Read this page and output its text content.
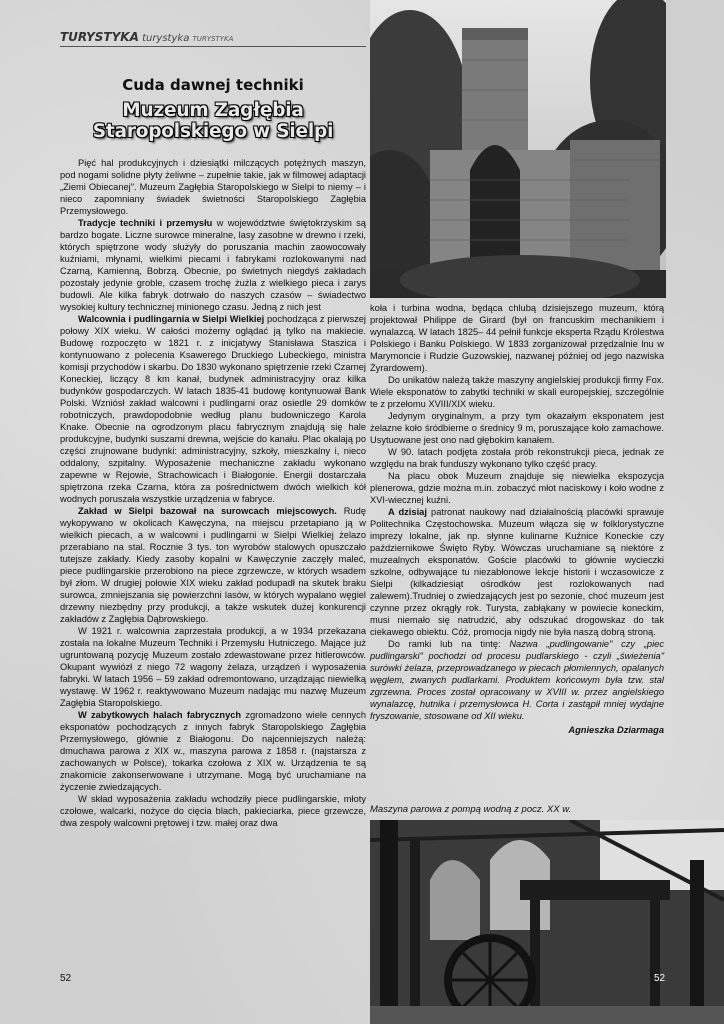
TURYSTYKA turystyka TURYSTYKA
Cuda dawnej techniki
Muzeum Zagłębia
Staropolskiego w Sielpi

Pięć hal produkcyjnych i dziesiątki milczących potężnych maszyn, pod nogami solidne płyty żeliwne – zupełnie takie, jak w filmowej adaptacji „Ziemi Obiecanej". Muzeum Zagłębia Staropolskiego w Sielpi to niemy – i nieco zapomniany świadek świetności Staropolskiego Zagłębia Przemysłowego.

Tradycje techniki i przemysłu w województwie świętokrzyskim są bardzo bogate. Liczne surowce mineralne, lasy zasobne w drewno i rzeki, których spiętrzone wody służyły do poruszania machin zaowocowały kuźniami, młynami, wielkimi piecami i fabrykami rozlokowanymi nad Czarną, Kamienną, Bobrzą. Obecnie, po świetnych niegdyś zakładach pozostały jedynie groble, czasem trochę żużla z wielkiego pieca i zarys budowli. Ale kilka fabryk dotrwało do naszych czasów – świadectwo wysokiej kultury technicznej minionego czasu. Jedną z nich jest

Walcownia i pudlingarnia w Sielpi Wielkiej pochodząca z pierwszej połowy XIX wieku. W całości możemy oglądać ją tylko na makiecie. Budowę rozpoczęto w 1821 r. z inicjatywy Stanisława Staszica i kontynuowano z polecenia Ksawerego Druckiego Lubeckiego, ministra komisji przychodów i skarbu. Do 1830 wykonano spiętrzenie rzeki Czarnej Koneckiej, liczący 8 km kanał, budynek administracyjny oraz kilka budynków gospodarczych. W latach 1835-41 budowę kontynuował Bank Polski. Wzniósł zakład walcowni i pudlingarni oraz osiedle 29 domków robotniczych, prawdopodobnie według planu budowniczego Karola Knake. Obecnie na ogrodzonym placu fabrycznym znajdują się hale produkcyjne, budynki suszarni drewna, wejście do kanału. Plac okalają po części zrujnowane budynki: administracyjny, szkoły, mieszkalny i, nieco oddalony, szpitalny. Wyposażenie mechaniczne zakładu wykonano zapewne w Rejowie, Strachowicach i Białogonie. Energii dostarczała spiętrzona rzeka Czarna, która za pośrednictwem dwóch wielkich kół wodnych poruszała wszystkie urządzenia w fabryce.

Zakład w Sielpi bazował na surowcach miejscowych. Rudę wykopywano w okolicach Kawęczyna, na miejscu przetapiano ją w wielkich piecach, a w walcowni i pudlingarni w Sielpi Wielkiej żelazo przerabiano na stal. Rocznie 3 tys. ton wyrobów stalowych opuszczało tutejsze zakłady. Kiedy zasoby kopalni w Kawęczynie zaczęły maleć, piece pudlingarskie przerobiono na piece zgrzewcze, w których wsadem był złom. W drugiej połowie XIX wieku zakład podupadł na skutek braku surowca, zmniejszania się powierzchni lasów, w których wypalano węgiel drzewny niezbędny przy produkcji, a także wskutek dużej konkurencji zakładów z Zagłębia Dąbrowskiego.

W 1921 r. walcownia zaprzestała produkcji, a w 1934 przekazana została na lokalne Muzeum Techniki i Przemysłu Hutniczego. Mające już ugruntowaną pozycję Muzeum zostało zdewastowane przez hitlerowców. Okupant wywiózł z niego 72 wagony żelaza, urządzeń i wyposażenia fabryki. W latach 1956 – 59 zakład odremontowano, urządzając niewielką wystawę. W 1962 r. reaktywowano Muzeum nadając mu nazwę Muzeum Zagłębia Staropolskiego.

W zabytkowych halach fabrycznych zgromadzono wiele cennych eksponatów pochodzących z innych fabryk Staropolskiego Zagłębia Przemysłowego, głównie z Białogonu. Do najcenniejszych należą: dmuchawa parowa z XIX w., maszyna parowa z 1858 r. (najstarsza z zachowanych w Polsce), tokarka czołowa z XIX w. Urządzenia te są znakomicie zakonserwowane i utrzymane. Mogą być uruchamiane na życzenie zwiedzających.

W skład wyposażenia zakładu wchodziły piece pudlingarskie, młoty czołowe, walcarki, nożyce do cięcia blach, pakieciarka, piece grzewcze, dwa zespoły walcowni prętowej i tzw. małej oraz dwa

koła i turbina wodna, będąca chlubą dzisiejszego muzeum, którą projektował Philippe de Girard (był on francuskim mechanikiem i wynalazcą. W latach 1825– 44 pełnił funkcje eksperta Rządu Królestwa Polskiego i Banku Polskiego. W 1833 zorganizował przędzalnie lnu w Marymoncie i Rudzie Guzowskiej, nazwanej później od jego nazwiska Żyrardowem).

Do unikatów należą także maszyny angielskiej produkcji firmy Fox. Wiele eksponatów to zabytki techniki w skali europejskiej, szczególnie te z przełomu XVIII/XIX wieku.

Jedynym oryginalnym, a przy tym okazałym eksponatem jest żelazne koło śródbierne o średnicy 9 m, poruszające koło zamachowe. Usytuowane jest ono nad głębokim kanałem.

W 90. latach podjęta została prób rekonstrukcji pieca, jednak ze względu na brak funduszy wykonano tylko część pracy.

Na placu obok Muzeum znajduje się niewielka ekspozycja plenerowa, gdzie można m.in. zobaczyć młot naciskowy i koło wodne z XVI-wiecznej kuźni.

A dzisiaj patronat naukowy nad działalnością placówki sprawuje Politechnika Częstochowska. Muzeum włącza się w folklorystyczne imprezy lokalne, jak np. słynne kulinarne Kuźnice Koneckie czy październikowe Święto Ryby. Wówczas uruchamiane są niektóre z muzealnych eksponatów. Goście placówki to głównie wycieczki szkolne, odbywające tu niezabłonowe lekcje historii i wczasowicze z Sielpi (kilkadziesiąt ośrodków jest rozlokowanych nad zalewem).Trudniej o zwiedzających jest po sezonie, choć muzeum jest czynne przez okrągły rok. Turysta, zabłąkany w powiecie koneckim, musi niemało się natrudzić, aby odszukać drogowskaz do tak ciekawego obiektu. Cóż, promocja nigdy nie była naszą dobrą stroną.

Do ramki lub na tintę: Nazwa „pudlingowanie" czy „piec pudlingarski" pochodzi od procesu pudlarskiego - czyli „świeżenia" surówki żelaza, przeprowadzanego w piecach płomiennych, opalanych węglem, zwanych pudlarkami. Produktem końcowym była tzw. stal zgrzewna. Proces został opracowany w XVIII w. przez angielskiego wynalazcę, hutnika i przemysłowca H. Corta i zastąpił mniej wydajne fryszowanie, stosowane od XII wieku.

Agnieszka Dziarmaga
Maszyna parowa z pompą wodną z pocz. XX w.
52	52
